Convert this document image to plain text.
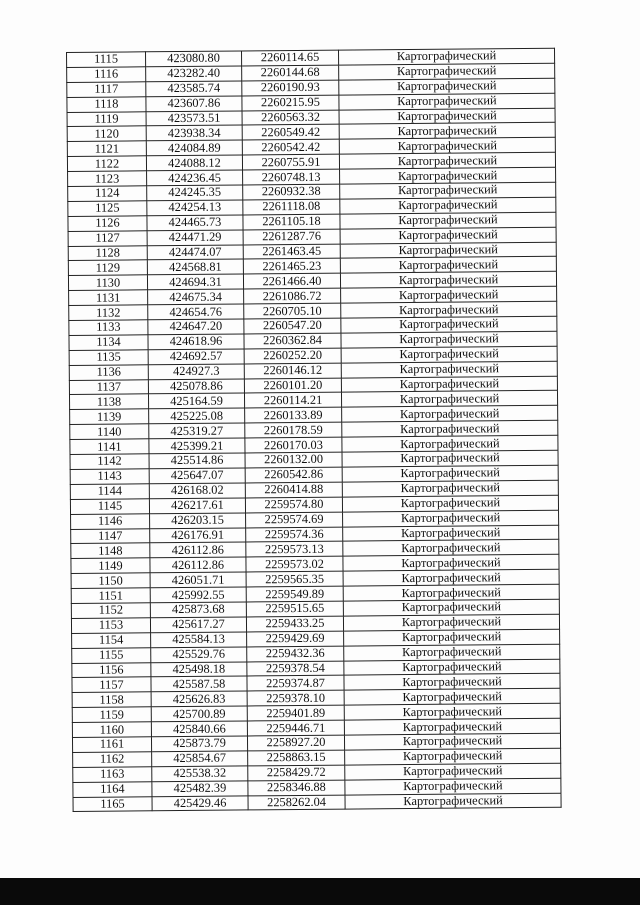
1115	423080.80	2260114.65	Картографический
1116	423282.40	2260144.68	Картографический
1117	423585.74	2260190.93	Картографический
1118	423607.86	2260215.95	Картографический
1119	423573.51	2260563.32	Картографический
1120	423938.34	2260549.42	Картографический
1121	424084.89	2260542.42	Картографический
1122	424088.12	2260755.91	Картографический
1123	424236.45	2260748.13	Картографический
1124	424245.35	2260932.38	Картографический
1125	424254.13	2261118.08	Картографический
1126	424465.73	2261105.18	Картографический
1127	424471.29	2261287.76	Картографический
1128	424474.07	2261463.45	Картографический
1129	424568.81	2261465.23	Картографический
1130	424694.31	2261466.40	Картографический
1131	424675.34	2261086.72	Картографический
1132	424654.76	2260705.10	Картографический
1133	424647.20	2260547.20	Картографический
1134	424618.96	2260362.84	Картографический
1135	424692.57	2260252.20	Картографический
1136	424927.3	2260146.12	Картографический
1137	425078.86	2260101.20	Картографический
1138	425164.59	2260114.21	Картографический
1139	425225.08	2260133.89	Картографический
1140	425319.27	2260178.59	Картографический
1141	425399.21	2260170.03	Картографический
1142	425514.86	2260132.00	Картографический
1143	425647.07	2260542.86	Картографический
1144	426168.02	2260414.88	Картографический
1145	426217.61	2259574.80	Картографический
1146	426203.15	2259574.69	Картографический
1147	426176.91	2259574.36	Картографический
1148	426112.86	2259573.13	Картографический
1149	426112.86	2259573.02	Картографический
1150	426051.71	2259565.35	Картографический
1151	425992.55	2259549.89	Картографический
1152	425873.68	2259515.65	Картографический
1153	425617.27	2259433.25	Картографический
1154	425584.13	2259429.69	Картографический
1155	425529.76	2259432.36	Картографический
1156	425498.18	2259378.54	Картографический
1157	425587.58	2259374.87	Картографический
1158	425626.83	2259378.10	Картографический
1159	425700.89	2259401.89	Картографический
1160	425840.66	2259446.71	Картографический
1161	425873.79	2258927.20	Картографический
1162	425854.67	2258863.15	Картографический
1163	425538.32	2258429.72	Картографический
1164	425482.39	2258346.88	Картографический
1165	425429.46	2258262.04	Картографический
